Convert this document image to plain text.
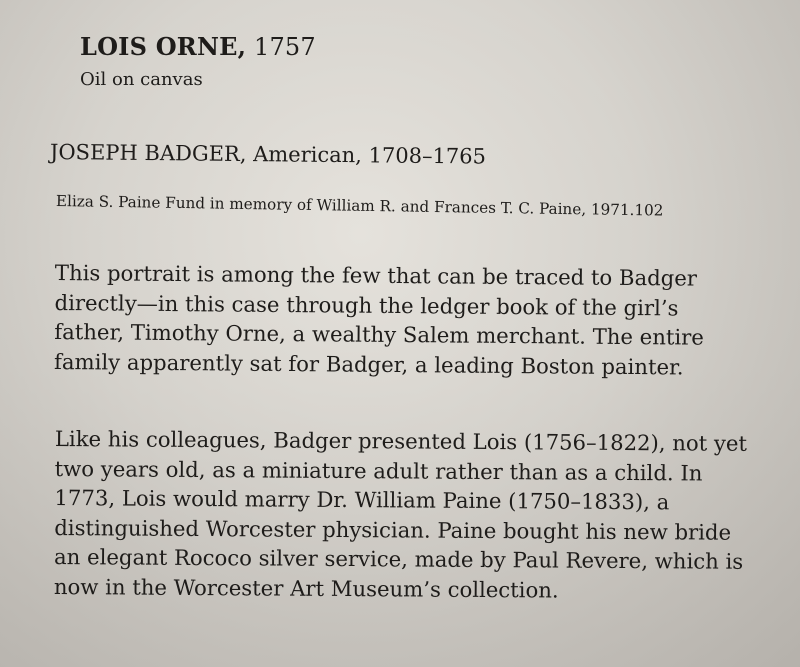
LOIS ORNE, 1757
Oil on canvas
JOSEPH BADGER, American, 1708–1765
Eliza S. Paine Fund in memory of William R. and Frances T. C. Paine, 1971.102
This portrait is among the few that can be traced to Badger
directly—in this case through the ledger book of the girl’s
father, Timothy Orne, a wealthy Salem merchant. The entire
family apparently sat for Badger, a leading Boston painter.
Like his colleagues, Badger presented Lois (1756–1822), not yet
two years old, as a miniature adult rather than as a child. In
1773, Lois would marry Dr. William Paine (1750–1833), a
distinguished Worcester physician. Paine bought his new bride
an elegant Rococo silver service, made by Paul Revere, which is
now in the Worcester Art Museum’s collection.
